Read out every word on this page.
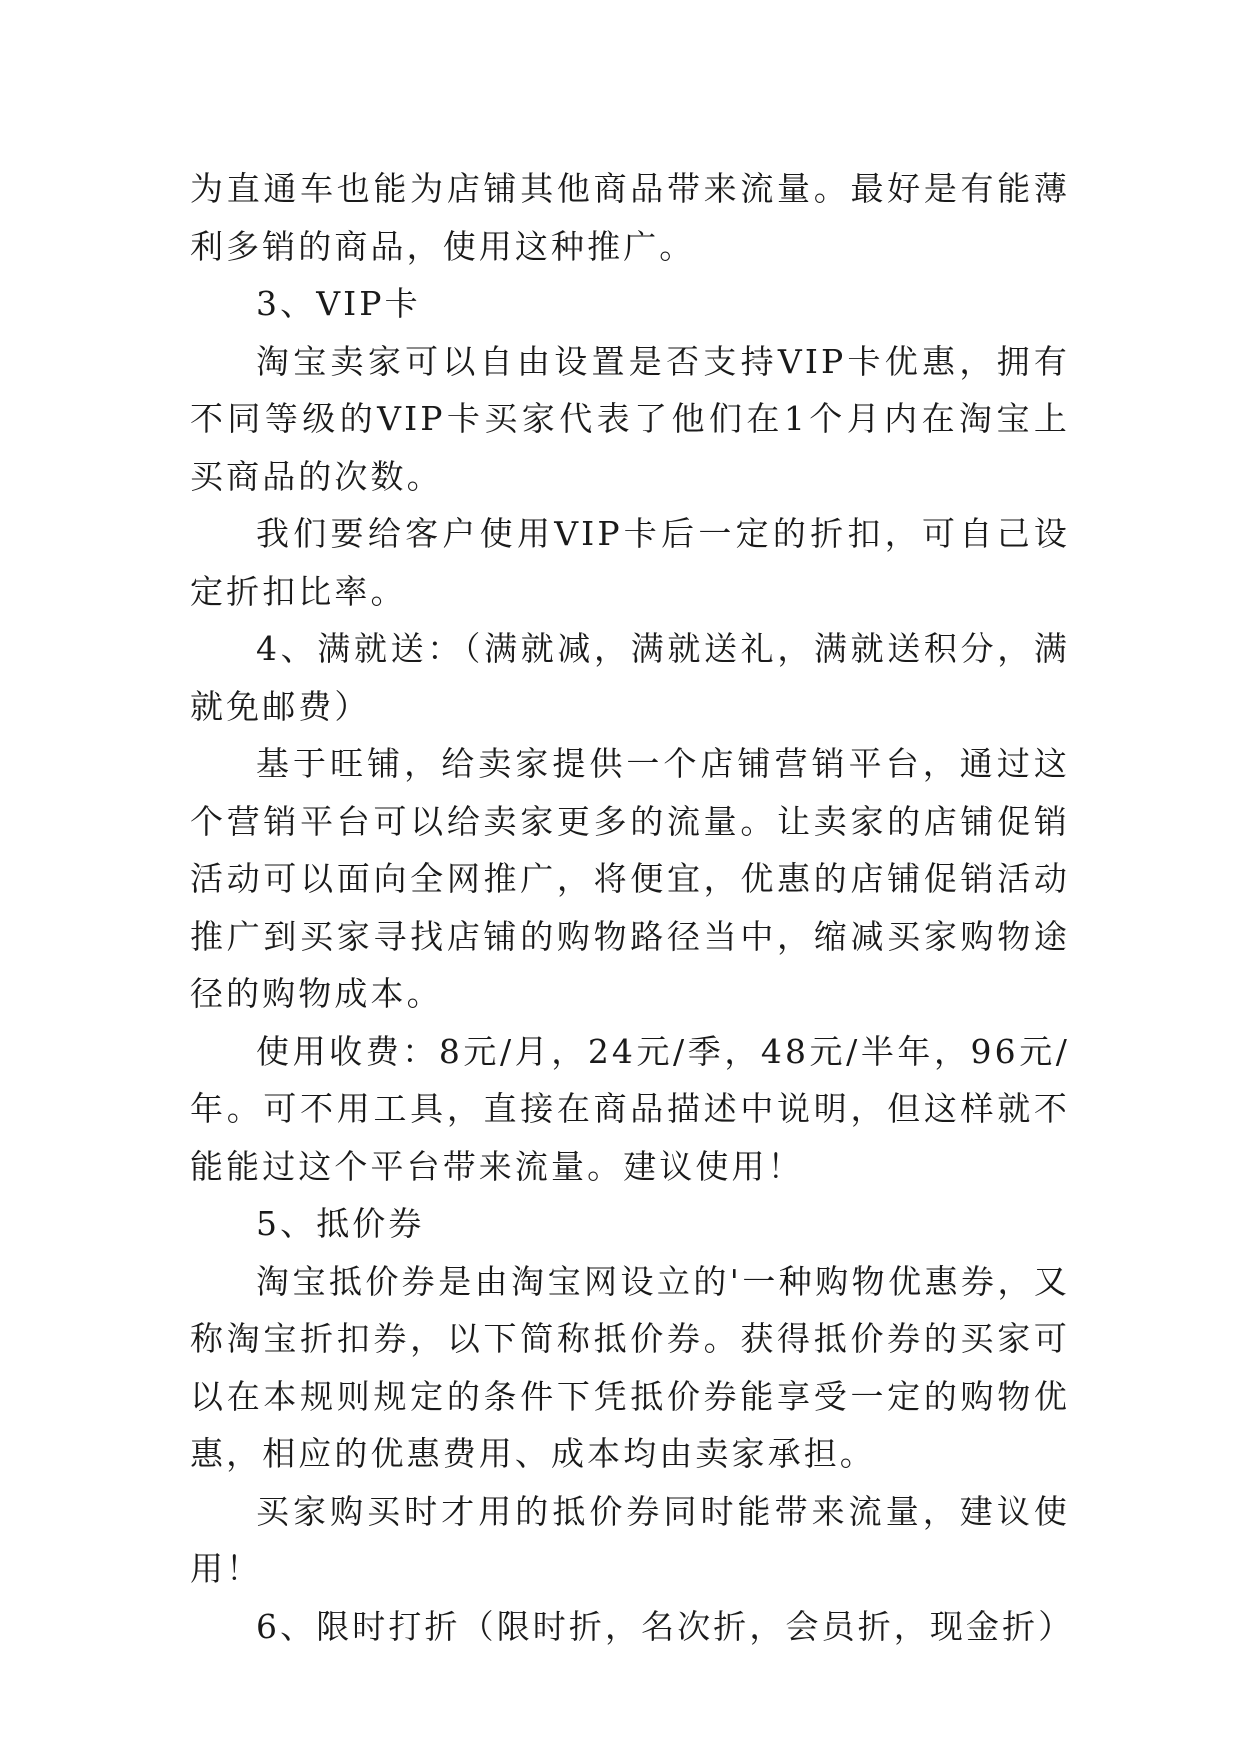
为直通车也能为店铺其他商品带来流量。最好是有能薄利多销的商品，使用这种推广。

3、VIP卡

淘宝卖家可以自由设置是否支持VIP卡优惠，拥有不同等级的VIP卡买家代表了他们在1个月内在淘宝上买商品的次数。

我们要给客户使用VIP卡后一定的折扣，可自己设定折扣比率。

4、满就送：（满就减，满就送礼，满就送积分，满就免邮费）

基于旺铺，给卖家提供一个店铺营销平台，通过这个营销平台可以给卖家更多的流量。让卖家的店铺促销活动可以面向全网推广，将便宜，优惠的店铺促销活动推广到买家寻找店铺的购物路径当中，缩减买家购物途径的购物成本。

使用收费：8元/月，24元/季，48元/半年，96元/年。可不用工具，直接在商品描述中说明，但这样就不能能过这个平台带来流量。建议使用！

5、抵价券

淘宝抵价券是由淘宝网设立的'一种购物优惠券，又称淘宝折扣券，以下简称抵价券。获得抵价券的买家可以在本规则规定的条件下凭抵价券能享受一定的购物优惠，相应的优惠费用、成本均由卖家承担。

买家购买时才用的抵价券同时能带来流量，建议使用！

6、限时打折（限时折，名次折，会员折，现金折）
